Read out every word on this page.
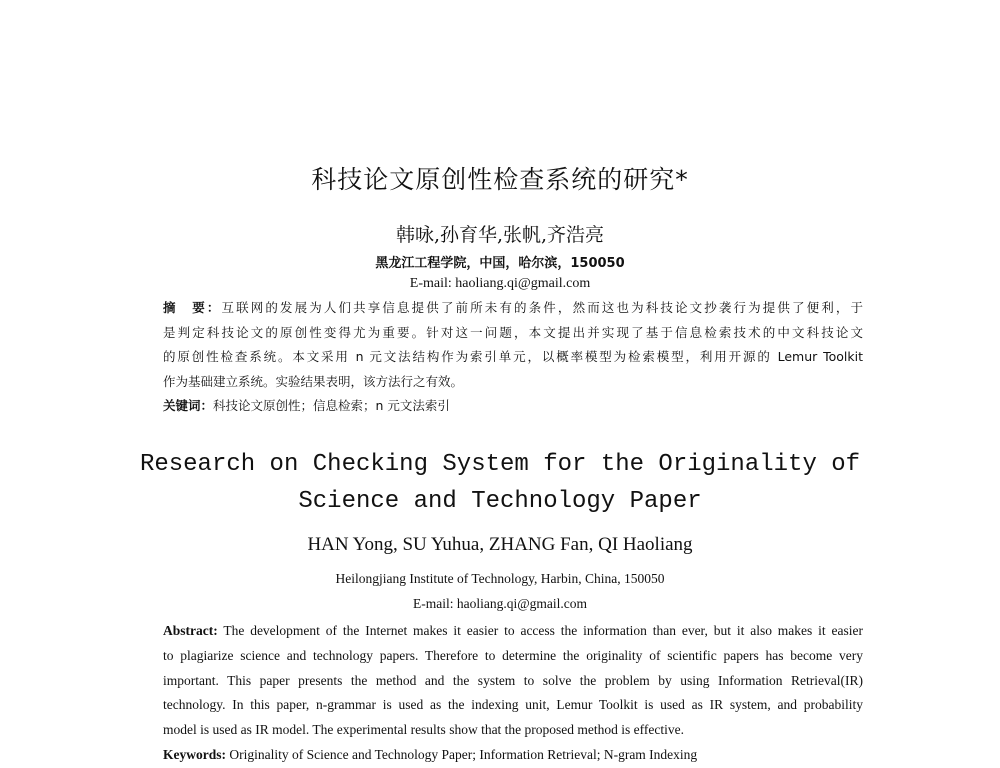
科技论文原创性检查系统的研究*
韩咏,孙育华,张帆,齐浩亮
黑龙江工程学院，中国，哈尔滨，150050
E-mail: haoliang.qi@gmail.com
摘　要：互联网的发展为人们共享信息提供了前所未有的条件，然而这也为科技论文抄袭行为提供了便利，于
是判定科技论文的原创性变得尤为重要。针对这一问题，本文提出并实现了基于信息检索技术的中文科技论文
的原创性检查系统。本文采用 n 元文法结构作为索引单元，以概率模型为检索模型，利用开源的 Lemur Toolkit
作为基础建立系统。实验结果表明，该方法行之有效。
关键词：科技论文原创性；信息检索；n 元文法索引
Research on Checking System for the Originality of
Science and Technology Paper
HAN Yong, SU Yuhua, ZHANG Fan, QI Haoliang
Heilongjiang Institute of Technology, Harbin, China, 150050
E-mail: haoliang.qi@gmail.com
Abstract: The development of the Internet makes it easier to access the information than ever, but it also makes it easier
to plagiarize science and technology papers. Therefore to determine the originality of scientific papers has become very
important. This paper presents the method and the system to solve the problem by using Information Retrieval(IR)
technology. In this paper, n-grammar is used as the indexing unit, Lemur Toolkit is used as IR system, and probability
model is used as IR model. The experimental results show that the proposed method is effective.
Keywords: Originality of Science and Technology Paper; Information Retrieval; N-gram Indexing
